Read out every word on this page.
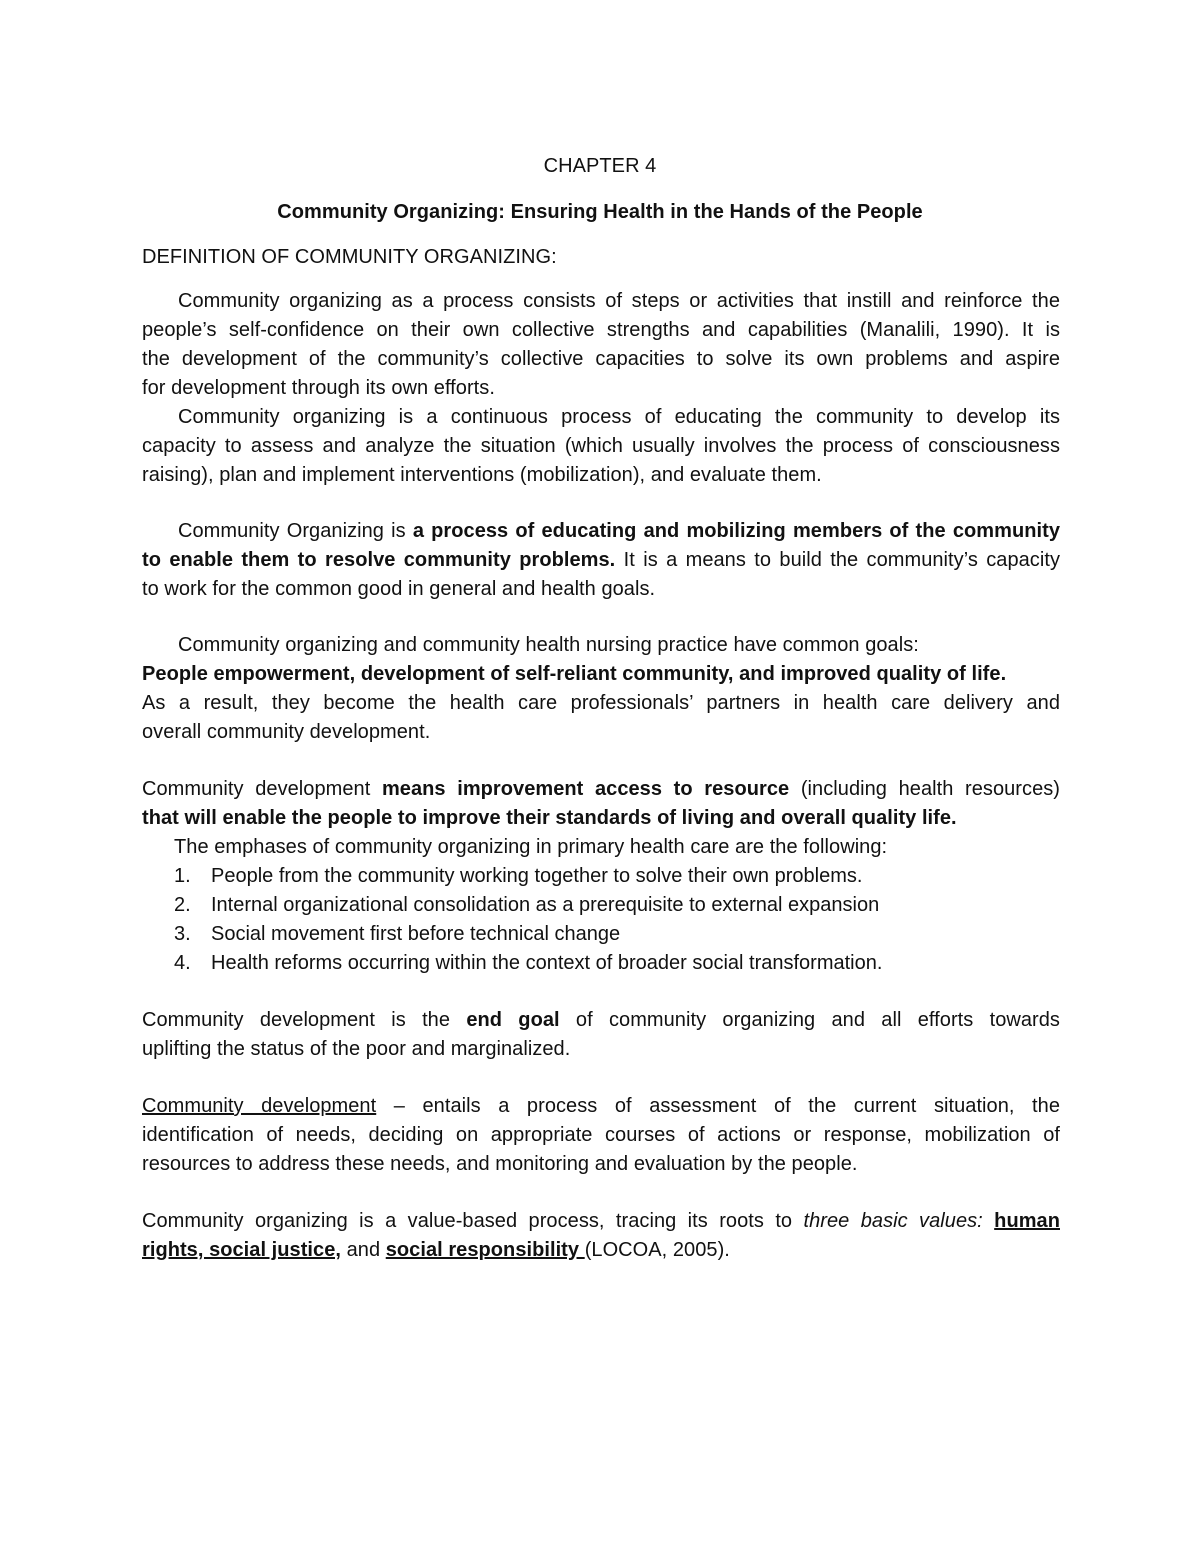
CHAPTER 4
Community Organizing: Ensuring Health in the Hands of the People
DEFINITION OF COMMUNITY ORGANIZING:
Community organizing as a process consists of steps or activities that instill and reinforce the
people’s self-confidence on their own collective strengths and capabilities (Manalili, 1990). It is
the development of the community’s collective capacities to solve its own problems and aspire
for development through its own efforts.
Community organizing is a continuous process of educating the community to develop its
capacity to assess and analyze the situation (which usually involves the process of consciousness
raising), plan and implement interventions (mobilization), and evaluate them.
Community Organizing is a process of educating and mobilizing members of the community
to enable them to resolve community problems. It is a means to build the community’s capacity
to work for the common good in general and health goals.
Community organizing and community health nursing practice have common goals:
People empowerment, development of self-reliant community, and improved quality of life.
As a result, they become the health care professionals’ partners in health care delivery and
overall community development.
Community development means improvement access to resource (including health resources)
that will enable the people to improve their standards of living and overall quality life.
The emphases of community organizing in primary health care are the following:
1. People from the community working together to solve their own problems.
2. Internal organizational consolidation as a prerequisite to external expansion
3. Social movement first before technical change
4. Health reforms occurring within the context of broader social transformation.
Community development is the end goal of community organizing and all efforts towards
uplifting the status of the poor and marginalized.
Community development – entails a process of assessment of the current situation, the
identification of needs, deciding on appropriate courses of actions or response, mobilization of
resources to address these needs, and monitoring and evaluation by the people.
Community organizing is a value-based process, tracing its roots to three basic values: human
rights, social justice, and social responsibility (LOCOA, 2005).
